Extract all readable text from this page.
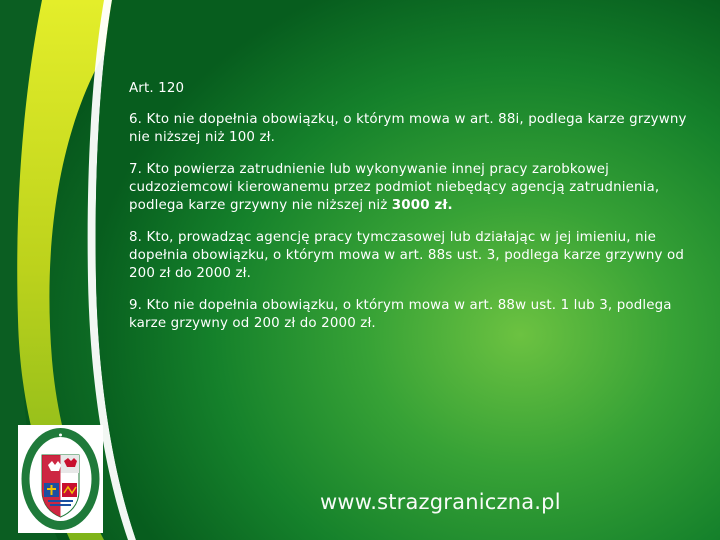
Art. 120

6. Kto nie dopełnia obowiązkų, o którym mowa w art. 88i, podlega karze grzywny nie niższej niż 100 zł.

7. Kto powierza zatrudnienie lub wykonywanie innej pracy zarobkowej cudzoziemcowi kierowanemu przez podmiot niebędący agencją zatrudnienia, podlega karze grzywny nie niższej niż 3000 zł.

8. Kto, prowadząc agencję pracy tymczasowej lub działając w jej imieniu, nie dopełnia obowiązku, o którym mowa w art. 88s ust. 3, podlega karze grzywny od 200 zł do 2000 zł.

9. Kto nie dopełnia obowiązku, o którym mowa w art. 88w ust. 1 lub 3, podlega karze grzywny od 200 zł do 2000 zł.

www.strazgraniczna.pl
